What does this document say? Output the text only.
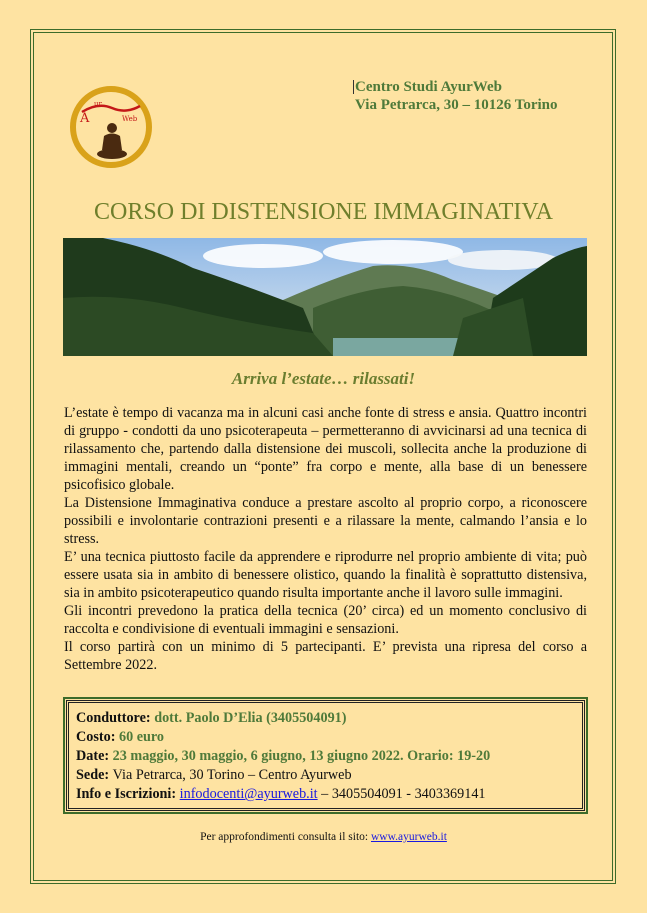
Ā
ur
Web
Centro Studi AyurWeb
Via Petrarca, 30 – 10126 Torino
CORSO DI DISTENSIONE IMMAGINATIVA
Arriva l’estate… rilassati!

L’estate è tempo di vacanza ma in alcuni casi anche fonte di stress e ansia. Quattro incontri di gruppo - condotti da uno psicoterapeuta – permetteranno di avvicinarsi ad una tecnica di rilassamento che, partendo dalla distensione dei muscoli, sollecita anche la produzione di immagini mentali, creando un “ponte” fra corpo e mente, alla base di un benessere psicofisico globale.

La Distensione Immaginativa conduce a prestare ascolto al proprio corpo, a riconoscere possibili e involontarie contrazioni presenti e a rilassare la mente, calmando l’ansia e lo stress.

E’ una tecnica piuttosto facile da apprendere e riprodurre nel proprio ambiente di vita; può essere usata sia in ambito di benessere olistico, quando la finalità è soprattutto distensiva, sia in ambito psicoterapeutico quando risulta importante anche il lavoro sulle immagini.

Gli incontri prevedono la pratica della tecnica (20’ circa) ed un momento conclusivo di raccolta e condivisione di eventuali immagini e sensazioni.

Il corso partirà con un minimo di 5 partecipanti. E’ prevista una ripresa del corso a Settembre 2022.

Conduttore: dott. Paolo D’Elia (3405504091)
Costo: 60 euro
Date: 23 maggio, 30 maggio, 6 giugno, 13 giugno 2022. Orario: 19-20
Sede: Via Petrarca, 30 Torino – Centro Ayurweb
Info e Iscrizioni: infodocenti@ayurweb.it – 3405504091 - 3403369141
Per approfondimenti consulta il sito: www.ayurweb.it
